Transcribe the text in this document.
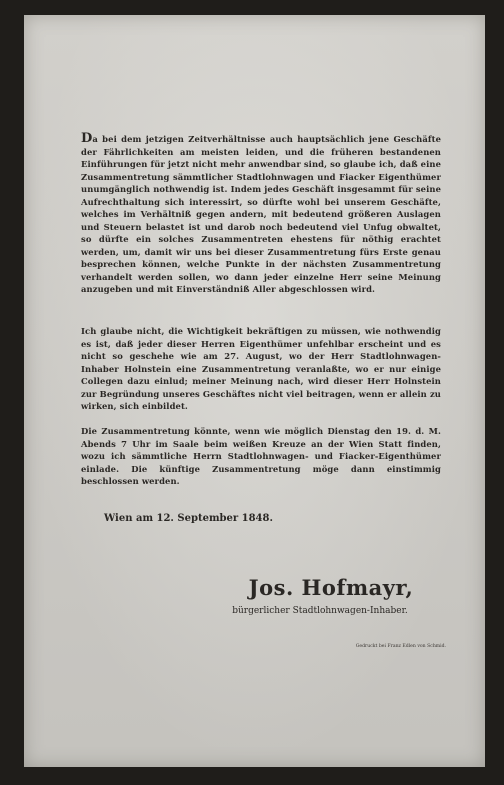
Da bei dem jetzigen Zeitverhältnisse auch hauptsächlich jene Geschäfte der Fährlichkeiten am meisten leiden, und die früheren bestandenen Einführungen für jetzt nicht mehr anwendbar sind, so glaube ich, daß eine Zusammentretung sämmtlicher Stadtlohnwagen und Fiacker Eigenthümer unumgänglich nothwendig ist. Indem jedes Geschäft insgesammt für seine Aufrechthaltung sich interessirt, so dürfte wohl bei unserem Geschäfte, welches im Verhältniß gegen andern, mit bedeutend größeren Auslagen und Steuern belastet ist und darob noch bedeutend viel Unfug obwaltet, so dürfte ein solches Zusammentreten ehestens für nöthig erachtet werden, um, damit wir uns bei dieser Zusammentretung fürs Erste genau besprechen können, welche Punkte in der nächsten Zusammentretung verhandelt werden sollen, wo dann jeder einzelne Herr seine Meinung anzugeben und mit Einverständniß Aller abgeschlossen wird.
Ich glaube nicht, die Wichtigkeit bekräftigen zu müssen, wie nothwendig es ist, daß jeder dieser Herren Eigenthümer unfehlbar erscheint und es nicht so geschehe wie am 27. August, wo der Herr Stadtlohnwagen-Inhaber Holnstein eine Zusammentretung veranlaßte, wo er nur einige Collegen dazu einlud; meiner Meinung nach, wird dieser Herr Holnstein zur Begründung unseres Geschäftes nicht viel beitragen, wenn er allein zu wirken, sich einbildet.
Die Zusammentretung könnte, wenn wie möglich Dienstag den 19. d. M. Abends 7 Uhr im Saale beim weißen Kreuze an der Wien Statt finden, wozu ich sämmtliche Herrn Stadtlohnwagen- und Fiacker-Eigenthümer einlade. Die künftige Zusammentretung möge dann einstimmig beschlossen werden.
Wien am 12. September 1848.
Jos. Hofmayr,
bürgerlicher Stadtlohnwagen-Inhaber.
Gedruckt bei Franz Edlen von Schmid.
